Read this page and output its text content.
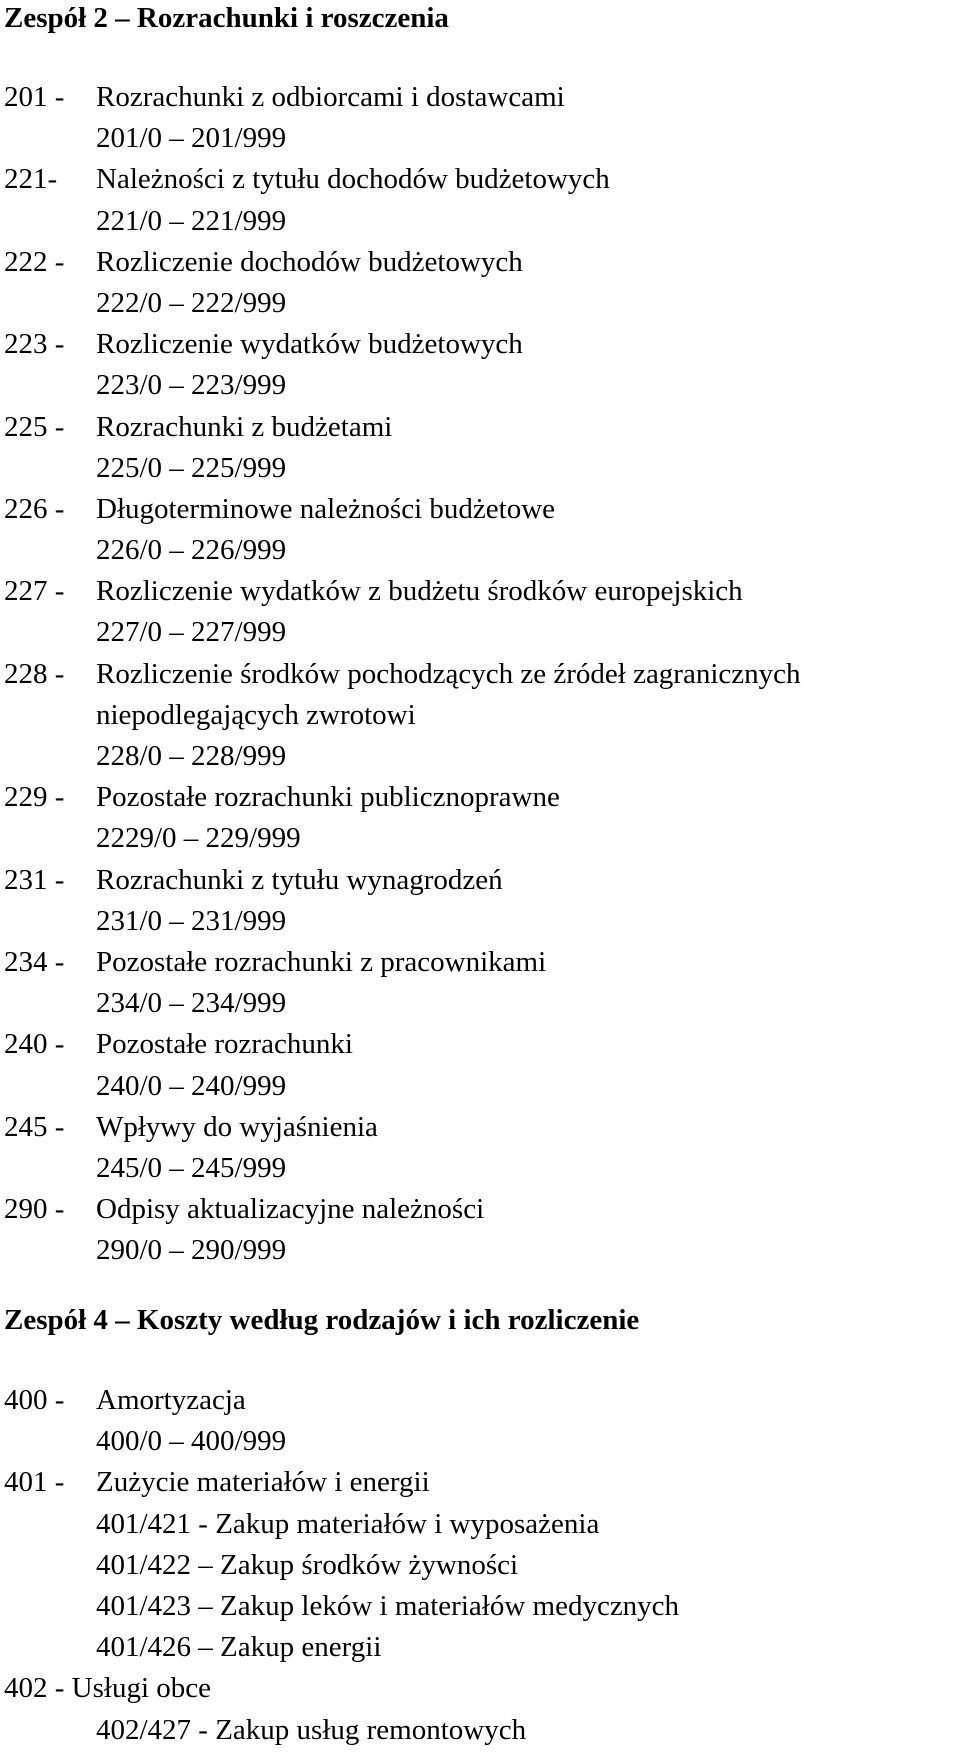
Zespół 2 – Rozrachunki i roszczenia
201 - Rozrachunki z odbiorcami i dostawcami
201/0 – 201/999
221- Należności z tytułu dochodów budżetowych
221/0 – 221/999
222 - Rozliczenie dochodów budżetowych
222/0 – 222/999
223 - Rozliczenie wydatków budżetowych
223/0 – 223/999
225 - Rozrachunki z budżetami
225/0 – 225/999
226 - Długoterminowe należności budżetowe
226/0 – 226/999
227 - Rozliczenie wydatków z budżetu środków europejskich
227/0 – 227/999
228 - Rozliczenie środków pochodzących ze źródeł zagranicznych
niepodlegających zwrotowi
228/0 – 228/999
229 - Pozostałe rozrachunki publicznoprawne
2229/0 – 229/999
231 - Rozrachunki z tytułu wynagrodzeń
231/0 – 231/999
234 - Pozostałe rozrachunki z pracownikami
234/0 – 234/999
240 - Pozostałe rozrachunki
240/0 – 240/999
245 - Wpływy do wyjaśnienia
245/0 – 245/999
290 - Odpisy aktualizacyjne należności
290/0 – 290/999
Zespół 4 – Koszty według rodzajów i ich rozliczenie
400 - Amortyzacja
400/0 – 400/999
401 - Zużycie materiałów i energii
401/421 - Zakup materiałów i wyposażenia
401/422 – Zakup środków żywności
401/423 – Zakup leków i materiałów medycznych
401/426 – Zakup energii
402 - Usługi obce
402/427 - Zakup usług remontowych
